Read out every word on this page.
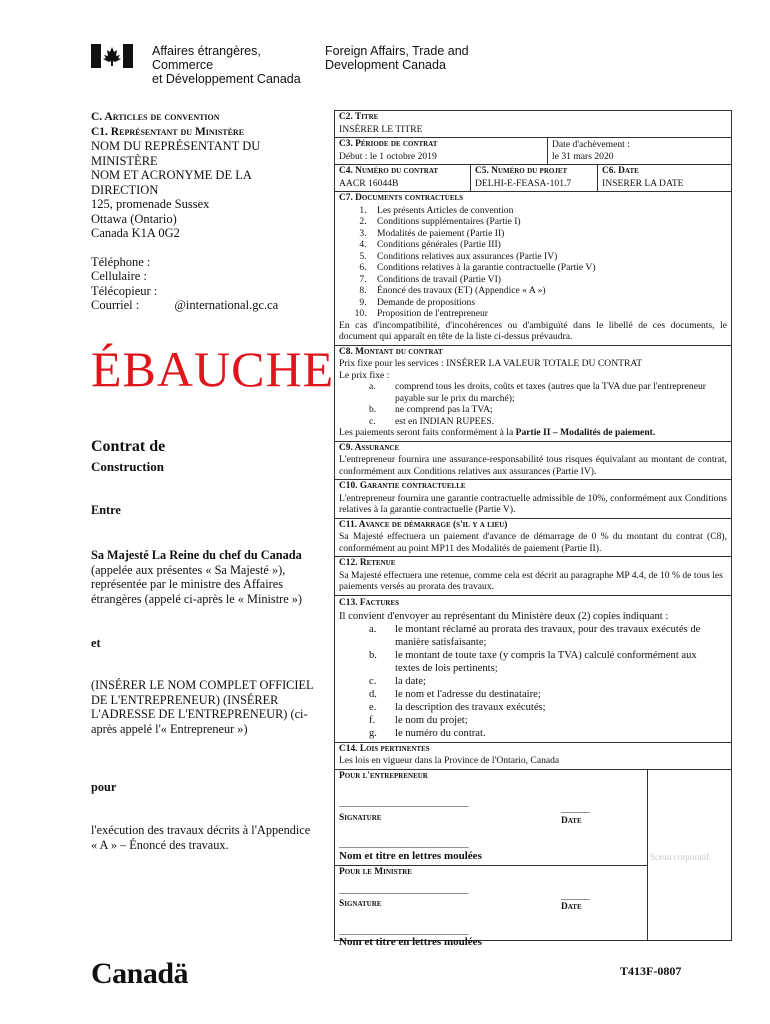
Affaires étrangères, Commerce
et Développement Canada
Foreign Affairs, Trade and
Development Canada
C. Articles de convention
C1. Représentant du Ministère
NOM DU REPRÉSENTANT DU MINISTÈRE
NOM ET ACRONYME DE LA DIRECTION
125, promenade Sussex
Ottawa (Ontario)
Canada K1A 0G2
Téléphone :
Cellulaire :
Télécopieur :
Courriel :	@international.gc.ca
ÉBAUCHE
Contrat de
Construction
Entre
Sa Majesté La Reine du chef du Canada
(appelée aux présentes « Sa Majesté »), représentée par le ministre des Affaires étrangères (appelé ci-après le « Ministre »)
et
(INSÉRER LE NOM COMPLET OFFICIEL DE L'ENTREPRENEUR) (INSÉRER L'ADRESSE DE L'ENTREPRENEUR) (ci-après appelé l'« Entrepreneur »)
pour
l'exécution des travaux décrits à l'Appendice « A » – Énoncé des travaux.
C2. Titre
INSÉRER LE TITRE
C3. Période de contrat
Début : le 1 octobre 2019
Date d'achèvement :
le 31 mars 2020
C4. Numéro du contrat
AACR 16044B
C5. Numéro du projet
DELHI-E-FEASA-101.7
C6. Date
INSERER LA DATE
C7. Documents contractuels
1. Les présents Articles de convention
2. Conditions supplémentaires (Partie I)
3. Modalités de paiement (Partie II)
4. Conditions générales (Partie III)
5. Conditions relatives aux assurances (Partie IV)
6. Conditions relatives à la garantie contractuelle (Partie V)
7. Conditions de travail (Partie VI)
8. Énoncé des travaux (ET) (Appendice « A »)
9. Demande de propositions
10. Proposition de l'entrepreneur
En cas d'incompatibilité, d'incohérences ou d'ambiguïté dans le libellé de ces documents, le document qui apparaît en tête de la liste ci-dessus prévaudra.
C8. Montant du contrat
Prix fixe pour les services : INSÉRER LA VALEUR TOTALE DU CONTRAT
Le prix fixe :
a.	comprend tous les droits, coûts et taxes (autres que la TVA due par l'entrepreneur payable sur le prix du marché);
b.	ne comprend pas la TVA;
c.	est en INDIAN RUPEES.
Les paiements seront faits conformément à la Partie II – Modalités de paiement.
C9. Assurance
L'entrepreneur fournira une assurance-responsabilité tous risques équivalant au montant de contrat, conformément aux Conditions relatives aux assurances (Partie IV).
C10. Garantie contractuelle
L'entrepreneur fournira une garantie contractuelle admissible de 10%, conformément aux Conditions relatives à la garantie contractuelle (Partie V).
C11. Avance de démarrage (s'il y a lieu)
Sa Majesté effectuera un paiement d'avance de démarrage de 0 % du montant du contrat (C8), conformément au point MP11 des Modalités de paiement (Partie II).
C12. Retenue
Sa Majesté effectuera une retenue, comme cela est décrit au paragraphe MP 4.4, de 10 % de tous les paiements versés au prorata des travaux.
C13. Factures
Il convient d'envoyer au représentant du Ministère deux (2) copies indiquant :
a.	le montant réclamé au prorata des travaux, pour des travaux exécutés de manière satisfaisante;
b.	le montant de toute taxe (y compris la TVA) calculé conformément aux textes de lois pertinents;
c.	la date;
d.	le nom et l'adresse du destinataire;
e.	la description des travaux exécutés;
f.	le nom du projet;
g.	le numéro du contrat.
C14. Lois pertinentes
Les lois en vigueur dans la Province de l'Ontario, Canada
Pour l'entrepreneur
___________________________
Signature
______
Date
___________________________
Nom et titre en lettres moulées
Pour le Ministre
___________________________
Signature
______
Date
___________________________
Nom et titre en lettres moulées
Sceau corporatif
Canadä	T413F-0807
